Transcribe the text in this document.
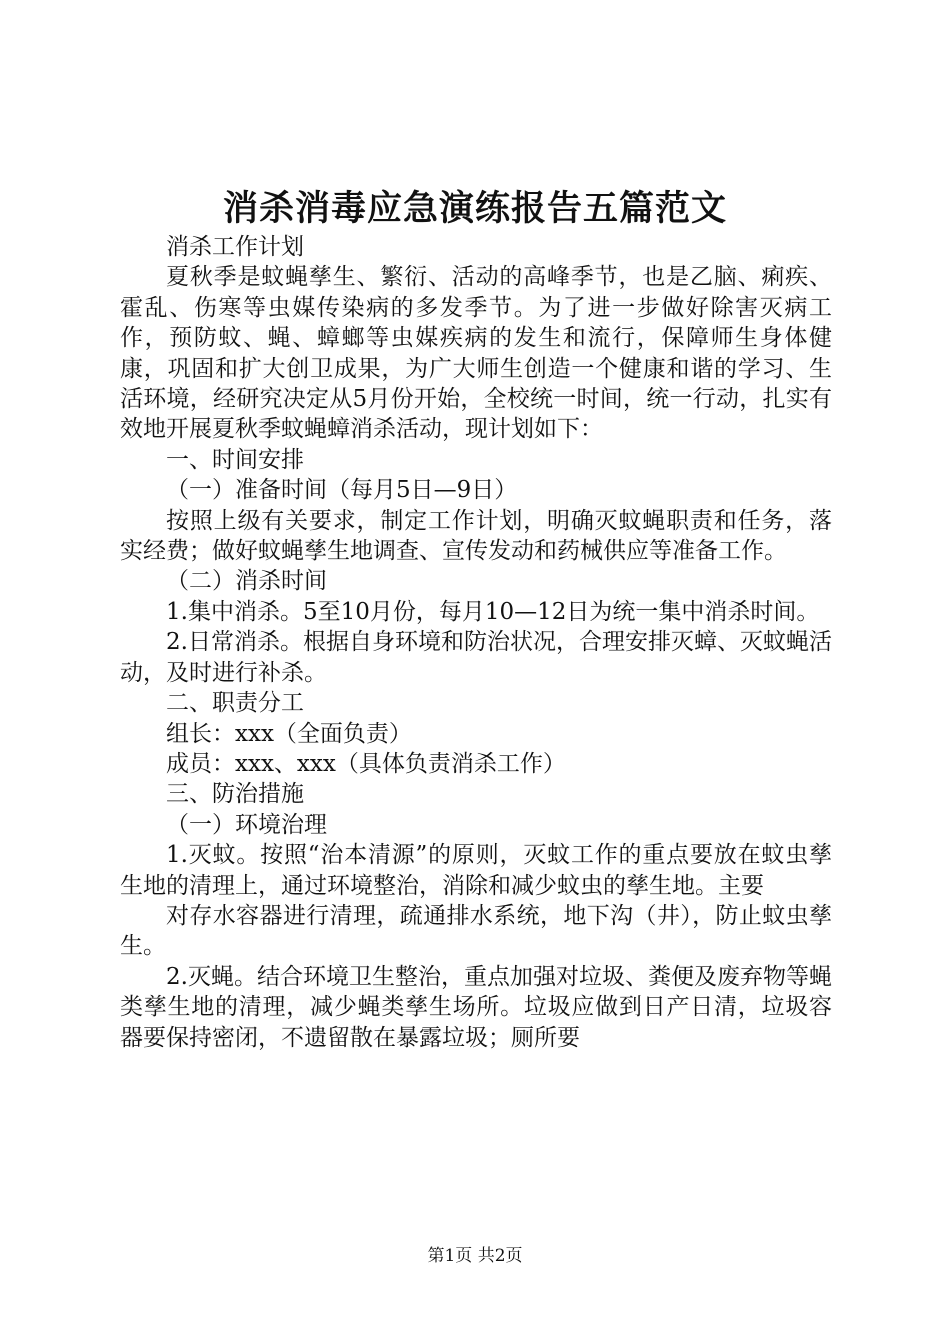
消杀消毒应急演练报告五篇范文

消杀工作计划

夏秋季是蚊蝇孳生、繁衍、活动的高峰季节，也是乙脑、痢疾、霍乱、伤寒等虫媒传染病的多发季节。为了进一步做好除害灭病工作，预防蚊、蝇、蟑螂等虫媒疾病的发生和流行，保障师生身体健康，巩固和扩大创卫成果，为广大师生创造一个健康和谐的学习、生活环境，经研究决定从5月份开始，全校统一时间，统一行动，扎实有效地开展夏秋季蚊蝇蟑消杀活动，现计划如下：

一、时间安排

（一）准备时间（每月5日—9日）

按照上级有关要求，制定工作计划，明确灭蚊蝇职责和任务，落实经费；做好蚊蝇孳生地调查、宣传发动和药械供应等准备工作。

（二）消杀时间

1.集中消杀。5至10月份，每月10—12日为统一集中消杀时间。

2.日常消杀。根据自身环境和防治状况，合理安排灭蟑、灭蚊蝇活动，及时进行补杀。

二、职责分工

组长：xxx（全面负责）

成员：xxx、xxx（具体负责消杀工作）

三、防治措施

（一）环境治理

1.灭蚊。按照“治本清源”的原则，灭蚊工作的重点要放在蚊虫孳生地的清理上，通过环境整治，消除和减少蚊虫的孳生地。主要

对存水容器进行清理，疏通排水系统，地下沟（井），防止蚊虫孳生。

2.灭蝇。结合环境卫生整治，重点加强对垃圾、粪便及废弃物等蝇类孳生地的清理，减少蝇类孳生场所。垃圾应做到日产日清，垃圾容器要保持密闭，不遗留散在暴露垃圾；厕所要

第1页 共2页
